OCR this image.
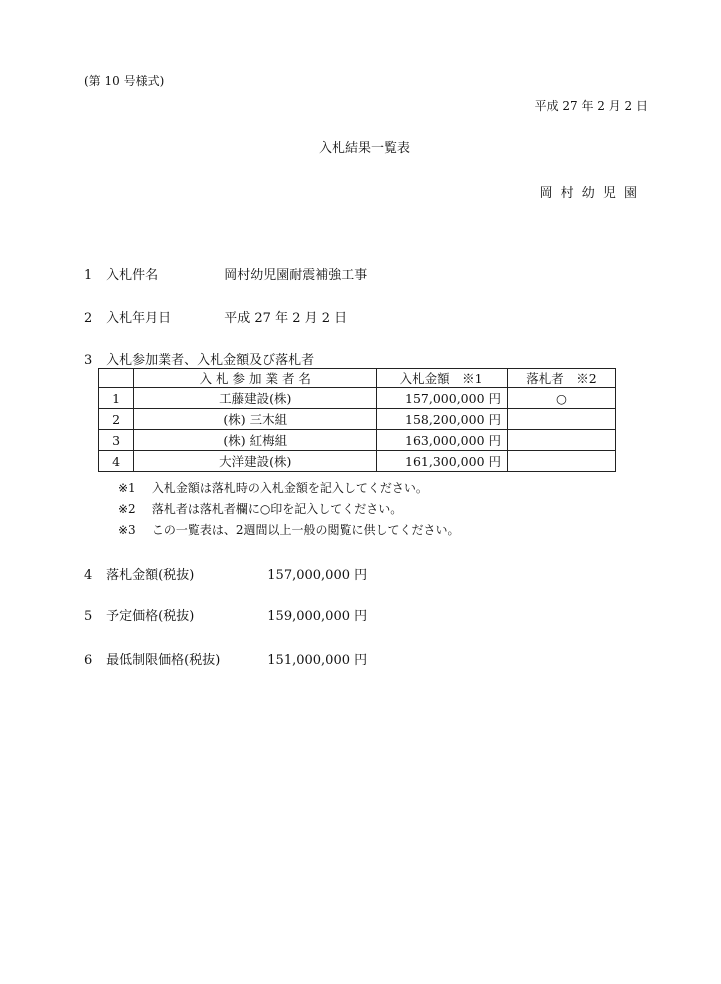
(第 10 号様式)
平成 27 年 2 月 2 日
入札結果一覧表
岡 村 幼 児 園
1 入札件名	岡村幼児園耐震補強工事
2 入札年月日	平成 27 年 2 月 2 日
3 入札参加業者、入札金額及び落札者
	入 札 参 加 業 者 名	入札金額　※1	落札者　※2
1	工藤建設(株)	157,000,000 円	○
2	(株) 三木組	158,200,000 円	
3	(株) 紅梅組	163,000,000 円	
4	大洋建設(株)	161,300,000 円	
※1 入札金額は落札時の入札金額を記入してください。
※2 落札者は落札者欄に○印を記入してください。
※3 この一覧表は、2週間以上一般の閲覧に供してください。
4 落札金額(税抜)	157,000,000 円
5 予定価格(税抜)	159,000,000 円
6 最低制限価格(税抜)	151,000,000 円
